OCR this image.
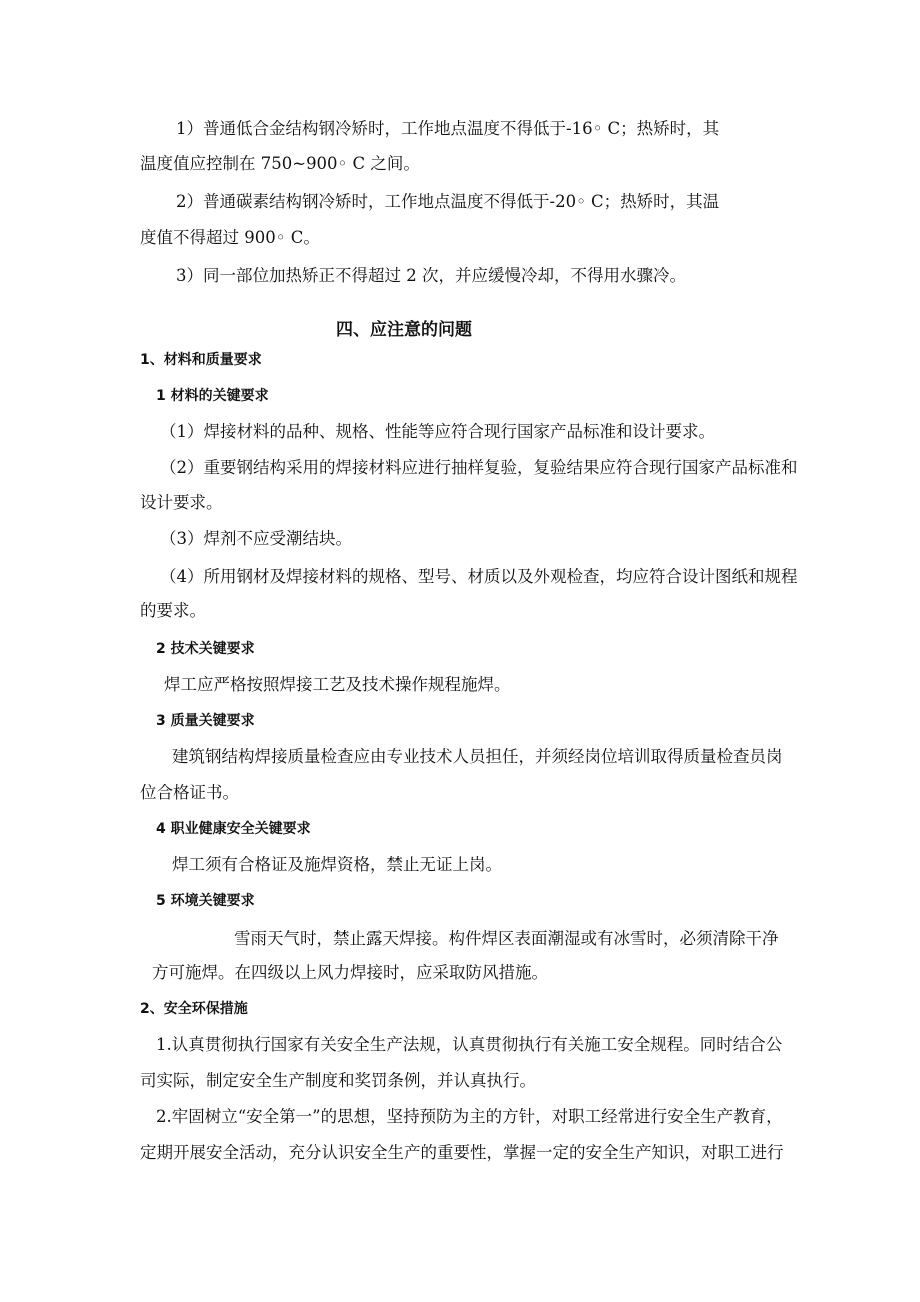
1）普通低合金结构钢冷矫时，工作地点温度不得低于-16◦ C；热矫时，其
温度值应控制在 750~900◦ C 之间。
2）普通碳素结构钢冷矫时，工作地点温度不得低于-20◦ C；热矫时，其温
度值不得超过 900◦ C。
3）同一部位加热矫正不得超过 2 次，并应缓慢冷却，不得用水骤冷。
四、应注意的问题
1、材料和质量要求
1 材料的关键要求
（1）焊接材料的品种、规格、性能等应符合现行国家产品标准和设计要求。
（2）重要钢结构采用的焊接材料应进行抽样复验，复验结果应符合现行国家产品标准和
设计要求。
（3）焊剂不应受潮结块。
（4）所用钢材及焊接材料的规格、型号、材质以及外观检查，均应符合设计图纸和规程
的要求。
2 技术关键要求
焊工应严格按照焊接工艺及技术操作规程施焊。
3 质量关键要求
建筑钢结构焊接质量检查应由专业技术人员担任，并须经岗位培训取得质量检查员岗
位合格证书。
4 职业健康安全关键要求
焊工须有合格证及施焊资格，禁止无证上岗。
5 环境关键要求
雪雨天气时，禁止露天焊接。构件焊区表面潮湿或有冰雪时，必须清除干净
方可施焊。在四级以上风力焊接时，应采取防风措施。
2、安全环保措施
1.认真贯彻执行国家有关安全生产法规，认真贯彻执行有关施工安全规程。同时结合公
司实际，制定安全生产制度和奖罚条例，并认真执行。
2.牢固树立“安全第一”的思想，坚持预防为主的方针，对职工经常进行安全生产教育，
定期开展安全活动，充分认识安全生产的重要性，掌握一定的安全生产知识，对职工进行
